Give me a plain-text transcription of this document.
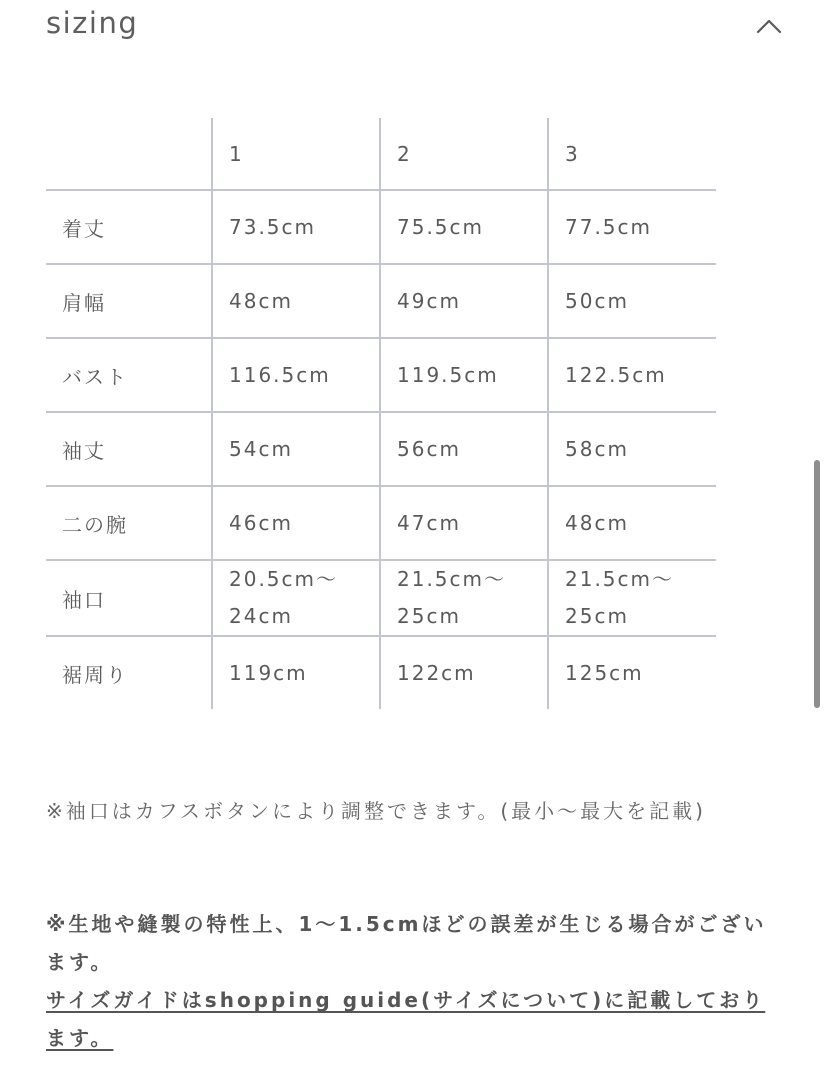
sizing
	1	2	3
着丈	73.5cm	75.5cm	77.5cm
肩幅	48cm	49cm	50cm
バスト	116.5cm	119.5cm	122.5cm
袖丈	54cm	56cm	58cm
二の腕	46cm	47cm	48cm
袖口	20.5cm〜24cm	21.5cm〜25cm	21.5cm〜25cm
裾周り	119cm	122cm	125cm
※袖口はカフスボタンにより調整できます。(最小〜最大を記載)
※生地や縫製の特性上、1〜1.5cmほどの誤差が生じる場合がございます。
サイズガイドはshopping guide(サイズについて)に記載しております。
